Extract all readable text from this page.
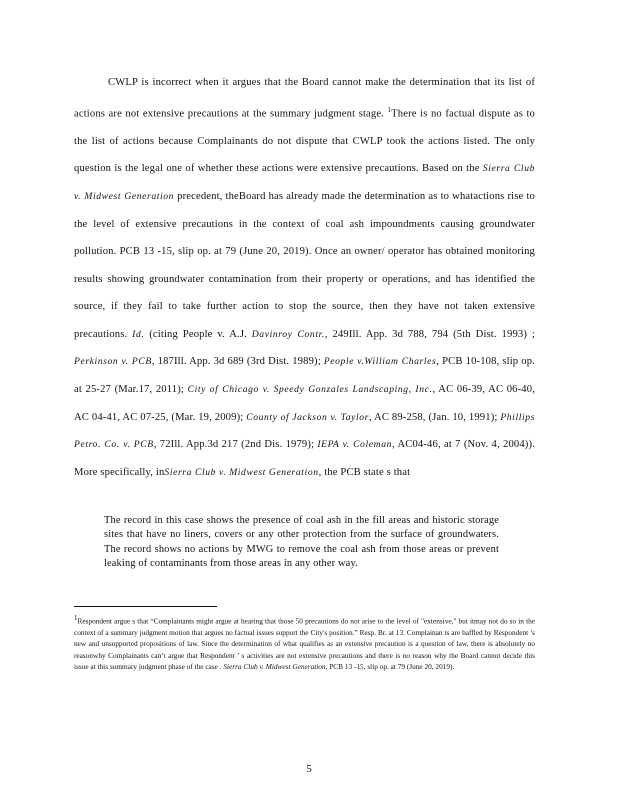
CWLP is incorrect when it argues that the Board cannot make the determination that its list of actions are not extensive precautions at the summary judgment stage. $^1$There is no factual dispute as to the list of actions because Complainants do not dispute that CWLP took the actions listed. The only question is the legal one of whether these actions were extensive precautions. Based on the Sierra Club v. Midwest Generation precedent, theBoard has already made the determination as to whatactions rise to the level of extensive precautions in the context of coal ash impoundments causing groundwater pollution. PCB 13 -15, slip op. at 79 (June 20, 2019). Once an owner/ operator has obtained monitoring results showing groundwater contamination from their property or operations, and has identified the source, if they fail to take further action to stop the source, then they have not taken extensive precautions. Id. (citing People v. A.J. Davinroy Contr., 249Ill. App. 3d 788, 794 (5th Dist. 1993) ; Perkinson v. PCB, 187Ill. App. 3d 689 (3rd Dist. 1989); People v.William Charles, PCB 10-108, slip op. at 25-27 (Mar.17, 2011); City of Chicago v. Speedy Gonzales Landscaping, Inc., AC 06-39, AC 06-40, AC 04-41, AC 07-25, (Mar. 19, 2009); County of Jackson v. Taylor, AC 89-258, (Jan. 10, 1991); Phillips Petro. Co. v. PCB, 72Ill. App.3d 217 (2nd Dis. 1979); IEPA v. Coleman, AC04-46, at 7 (Nov. 4, 2004)). More specifically, inSierra Club v. Midwest Generation, the PCB state s that

The record in this case shows the presence of coal ash in the fill areas and historic storage sites that have no liners, covers or any other protection from the surface of groundwaters. The record shows no actions by MWG to remove the coal ash from those areas or prevent leaking of contaminants from those areas in any other way.

$^1$Respondent argue s that “Complainants might argue at hearing that those 50 precautions do not arise to the level of "extensive," but itmay not do so in the context of a summary judgment motion that argues no factual issues support the City's position.” Resp. Br. at 13. Complainan ts are baffled by Respondent ’s new and unsupported propositions of law. Since the determination of what qualifies as an extensive precaution is a question of law, there is absolutely no reasonwhy Complainants can’t argue that Respondent ’ s activities are not extensive precautions and there is no reason why the Board cannot decide this issue at this summary judgment phase of the case . Sierra Club v. Midwest Generation, PCB 13 -15, slip op. at 79 (June 20, 2019).

5
